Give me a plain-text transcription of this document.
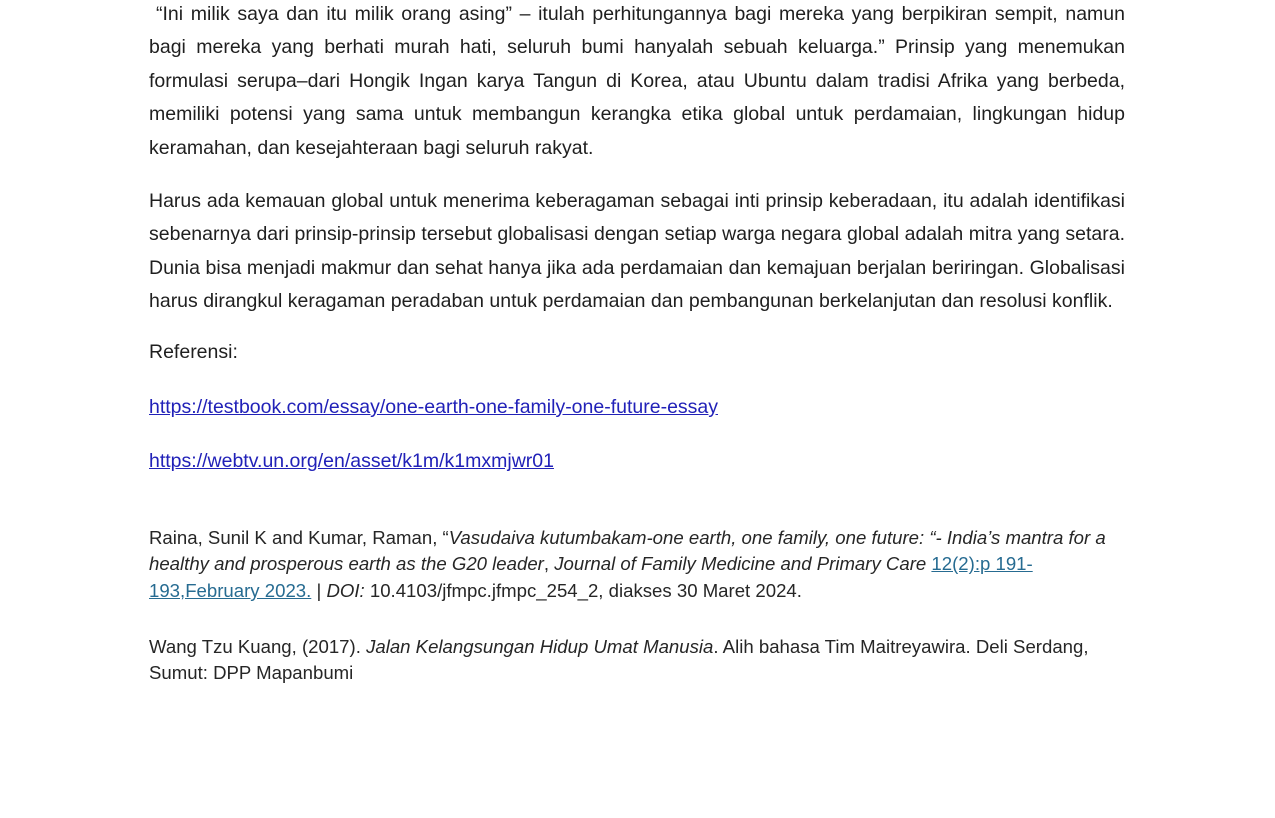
“Ini milik saya dan itu milik orang asing” – itulah perhitungannya bagi mereka yang berpikiran sempit, namun bagi mereka yang berhati murah hati, seluruh bumi hanyalah sebuah keluarga.” Prinsip yang menemukan formulasi serupa–dari Hongik Ingan karya Tangun di Korea, atau Ubuntu dalam tradisi Afrika yang berbeda, memiliki potensi yang sama untuk membangun kerangka etika global untuk perdamaian, lingkungan hidup keramahan, dan kesejahteraan bagi seluruh rakyat.

Harus ada kemauan global untuk menerima keberagaman sebagai inti prinsip keberadaan, itu adalah identifikasi sebenarnya dari prinsip-prinsip tersebut globalisasi dengan setiap warga negara global adalah mitra yang setara. Dunia bisa menjadi makmur dan sehat hanya jika ada perdamaian dan kemajuan berjalan beriringan. Globalisasi harus dirangkul keragaman peradaban untuk perdamaian dan pembangunan berkelanjutan dan resolusi konflik.

Referensi:

https://testbook.com/essay/one-earth-one-family-one-future-essay

https://webtv.un.org/en/asset/k1m/k1mxmjwr01

Raina, Sunil K and Kumar, Raman, “Vasudaiva kutumbakam-one earth, one family, one future: “- India’s mantra for a healthy and prosperous earth as the G20 leader, Journal of Family Medicine and Primary Care 12(2):p 191-193,February 2023. | DOI: 10.4103/jfmpc.jfmpc_254_2, diakses 30 Maret 2024.

Wang Tzu Kuang, (2017). Jalan Kelangsungan Hidup Umat Manusia. Alih bahasa Tim Maitreyawira. Deli Serdang, Sumut: DPP Mapanbumi
